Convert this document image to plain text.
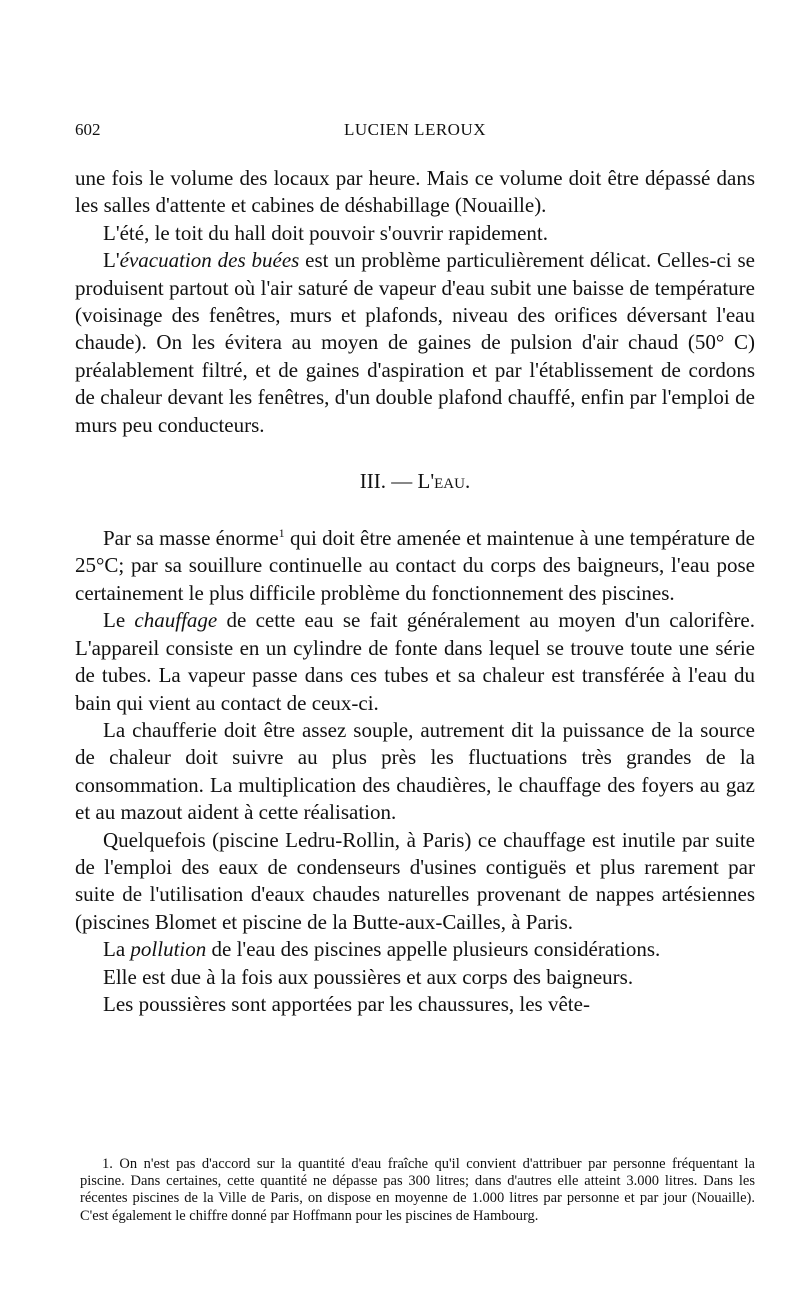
602	LUCIEN LEROUX

une fois le volume des locaux par heure. Mais ce volume doit être dépassé dans les salles d'attente et cabines de déshabillage (Nouaille).

L'été, le toit du hall doit pouvoir s'ouvrir rapidement.

L'évacuation des buées est un problème particulièrement délicat. Celles-ci se produisent partout où l'air saturé de vapeur d'eau subit une baisse de température (voisinage des fenêtres, murs et plafonds, niveau des orifices déversant l'eau chaude). On les évitera au moyen de gaines de pulsion d'air chaud (50° C) préalablement filtré, et de gaines d'aspiration et par l'établissement de cordons de chaleur devant les fenêtres, d'un double plafond chauffé, enfin par l'emploi de murs peu conducteurs.

III. — L'eau.

Par sa masse énorme$^1$ qui doit être amenée et maintenue à une température de 25°C; par sa souillure continuelle au contact du corps des baigneurs, l'eau pose certainement le plus difficile problème du fonctionnement des piscines.

Le chauffage de cette eau se fait généralement au moyen d'un calorifère. L'appareil consiste en un cylindre de fonte dans lequel se trouve toute une série de tubes. La vapeur passe dans ces tubes et sa chaleur est transférée à l'eau du bain qui vient au contact de ceux-ci.

La chaufferie doit être assez souple, autrement dit la puissance de la source de chaleur doit suivre au plus près les fluctuations très grandes de la consommation. La multiplication des chaudières, le chauffage des foyers au gaz et au mazout aident à cette réalisation.

Quelquefois (piscine Ledru-Rollin, à Paris) ce chauffage est inutile par suite de l'emploi des eaux de condenseurs d'usines contiguës et plus rarement par suite de l'utilisation d'eaux chaudes naturelles provenant de nappes artésiennes (piscines Blomet et piscine de la Butte-aux-Cailles, à Paris.

La pollution de l'eau des piscines appelle plusieurs considérations.

Elle est due à la fois aux poussières et aux corps des baigneurs.

Les poussières sont apportées par les chaussures, les vête-

1. On n'est pas d'accord sur la quantité d'eau fraîche qu'il convient d'attribuer par personne fréquentant la piscine. Dans certaines, cette quantité ne dépasse pas 300 litres; dans d'autres elle atteint 3.000 litres. Dans les récentes piscines de la Ville de Paris, on dispose en moyenne de 1.000 litres par personne et par jour (Nouaille). C'est également le chiffre donné par Hoffmann pour les piscines de Hambourg.
